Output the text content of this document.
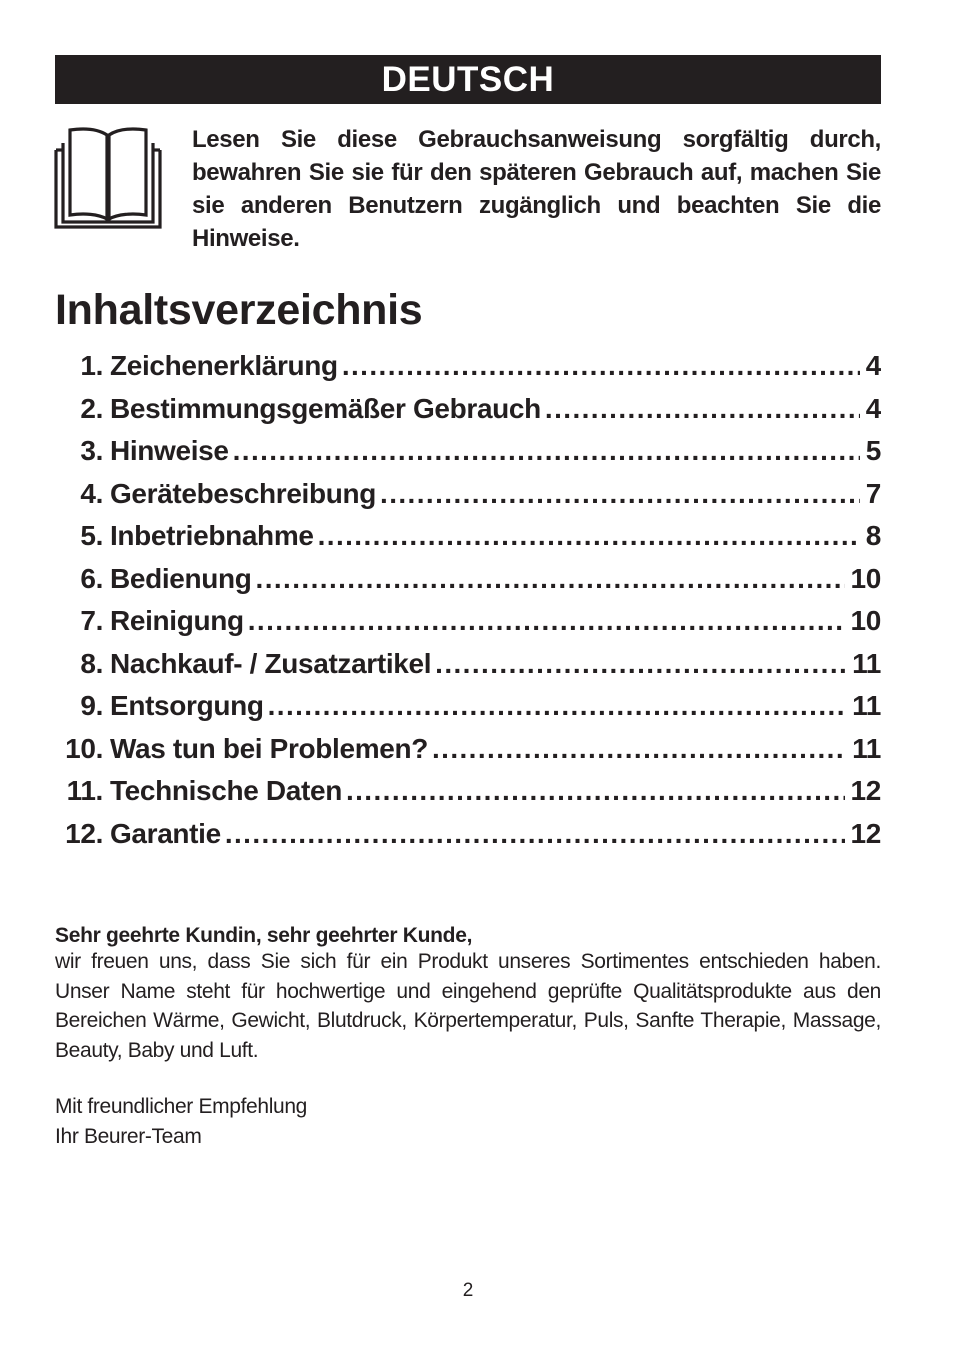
DEUTSCH
Lesen Sie diese Gebrauchsanweisung sorgfältig durch, bewahren Sie sie für den späteren Gebrauch auf, machen Sie sie anderen Benutzern zugänglich und beachten Sie die Hinweise.
Inhaltsverzeichnis
1. Zeichenerklärung .....	4
2. Bestimmungsgemäßer Gebrauch .....	4
3. Hinweise .....	5
4. Gerätebeschreibung .....	7
5. Inbetriebnahme .....	8
6. Bedienung .....	10
7. Reinigung .....	10
8. Nachkauf- / Zusatzartikel .....	11
9. Entsorgung .....	11
10. Was tun bei Problemen? .....	11
11. Technische Daten .....	12
12. Garantie .....	12
Sehr geehrte Kundin, sehr geehrter Kunde,
wir freuen uns, dass Sie sich für ein Produkt unseres Sortimentes entschieden haben. Unser Name steht für hochwertige und eingehend geprüfte Qualitätsprodukte aus den Bereichen Wärme, Gewicht, Blutdruck, Körpertemperatur, Puls, Sanfte Therapie, Massage, Beauty, Baby und Luft.
Mit freundlicher Empfehlung
Ihr Beurer-Team
2
